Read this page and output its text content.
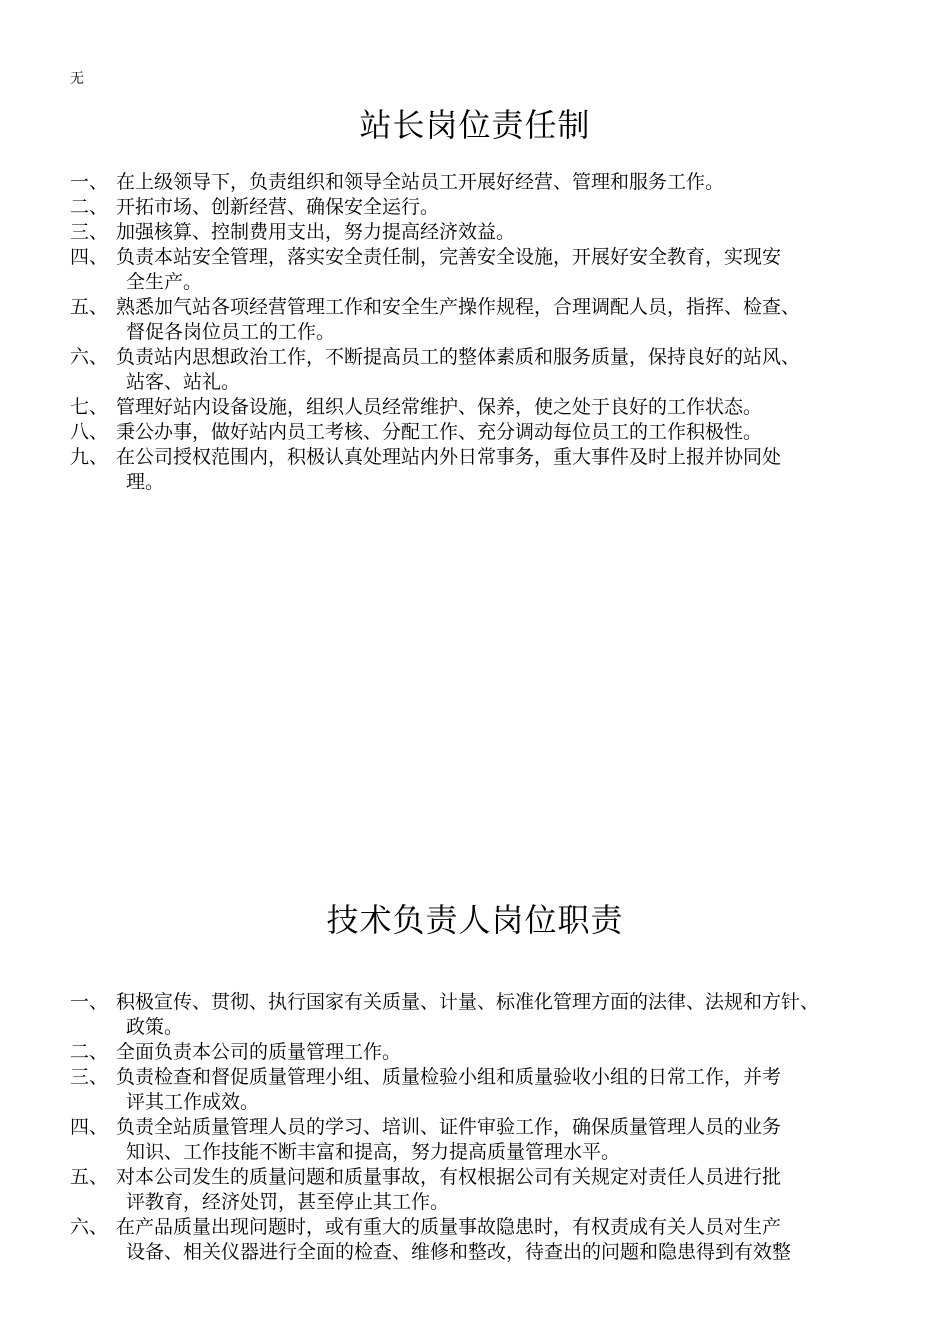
无
站长岗位责任制
一、 在上级领导下，负责组织和领导全站员工开展好经营、管理和服务工作。
二、 开拓市场、创新经营、确保安全运行。
三、 加强核算、控制费用支出，努力提高经济效益。
四、 负责本站安全管理，落实安全责任制，完善安全设施，开展好安全教育，实现安
全生产。
五、 熟悉加气站各项经营管理工作和安全生产操作规程，合理调配人员，指挥、检查、
督促各岗位员工的工作。
六、 负责站内思想政治工作，不断提高员工的整体素质和服务质量，保持良好的站风、
站客、站礼。
七、 管理好站内设备设施，组织人员经常维护、保养，使之处于良好的工作状态。
八、 秉公办事，做好站内员工考核、分配工作、充分调动每位员工的工作积极性。
九、 在公司授权范围内，积极认真处理站内外日常事务，重大事件及时上报并协同处
理。
技术负责人岗位职责
一、 积极宣传、贯彻、执行国家有关质量、计量、标准化管理方面的法律、法规和方针、
政策。
二、 全面负责本公司的质量管理工作。
三、 负责检查和督促质量管理小组、质量检验小组和质量验收小组的日常工作，并考
评其工作成效。
四、 负责全站质量管理人员的学习、培训、证件审验工作，确保质量管理人员的业务
知识、工作技能不断丰富和提高，努力提高质量管理水平。
五、 对本公司发生的质量问题和质量事故，有权根据公司有关规定对责任人员进行批
评教育，经济处罚，甚至停止其工作。
六、 在产品质量出现问题时，或有重大的质量事故隐患时，有权责成有关人员对生产
设备、相关仪器进行全面的检查、维修和整改，待查出的问题和隐患得到有效整
